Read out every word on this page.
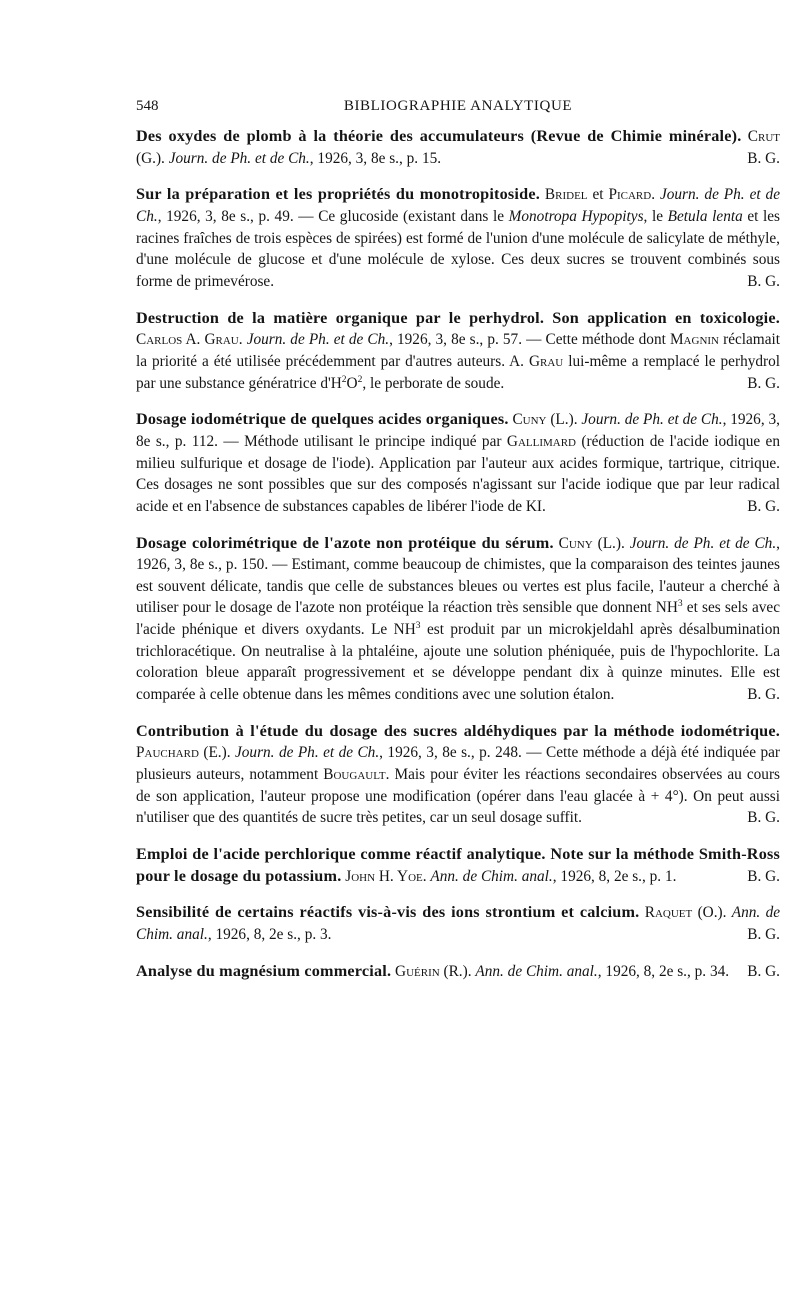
548	BIBLIOGRAPHIE ANALYTIQUE

Des oxydes de plomb à la théorie des accumulateurs (Revue de Chimie minérale). Crut (G.). Journ. de Ph. et de Ch., 1926, 3, 8e s., p. 15.	B. G.

Sur la préparation et les propriétés du monotropitoside. Bridel et Picard. Journ. de Ph. et de Ch., 1926, 3, 8e s., p. 49. — Ce glucoside (existant dans le Monotropa Hypopitys, le Betula lenta et les racines fraîches de trois espèces de spirées) est formé de l'union d'une molécule de salicylate de méthyle, d'une molécule de glucose et d'une molécule de xylose. Ces deux sucres se trouvent combinés sous forme de primevérose.	B. G.

Destruction de la matière organique par le perhydrol. Son application en toxicologie. Carlos A. Grau. Journ. de Ph. et de Ch., 1926, 3, 8e s., p. 57. — Cette méthode dont Magnin réclamait la priorité a été utilisée précédemment par d'autres auteurs. A. Grau lui-même a remplacé le perhydrol par une substance génératrice $d'H^2O^2$, le perborate de soude.	B. G.

Dosage iodométrique de quelques acides organiques. Cuny (L.). Journ. de Ph. et de Ch., 1926, 3, 8e s., p. 112. — Méthode utilisant le principe indiqué par Gallimard (réduction de l'acide iodique en milieu sulfurique et dosage de l'iode). Application par l'auteur aux acides formique, tartrique, citrique. Ces dosages ne sont possibles que sur des composés n'agissant sur l'acide iodique que par leur radical acide et en l'absence de substances capables de libérer l'iode de KI.	B. G.

Dosage colorimétrique de l'azote non protéique du sérum. Cuny (L.). Journ. de Ph. et de Ch., 1926, 3, 8e s., p. 150. — Estimant, comme beaucoup de chimistes, que la comparaison des teintes jaunes est souvent délicate, tandis que celle de substances bleues ou vertes est plus facile, l'auteur a cherché à utiliser pour le dosage de l'azote non protéique la réaction très sensible que donnent $NH^3$ et ses sels avec l'acide phénique et divers oxydants. Le $NH^3$ est produit par un microkjeldahl après désalbumination trichloracétique. On neutralise à la phtaléine, ajoute une solution phéniquée, puis de l'hypochlorite. La coloration bleue apparaît progressivement et se développe pendant dix à quinze minutes. Elle est comparée à celle obtenue dans les mêmes conditions avec une solution étalon.	B. G.

Contribution à l'étude du dosage des sucres aldéhydiques par la méthode iodométrique. Pauchard (E.). Journ. de Ph. et de Ch., 1926, 3, 8e s., p. 248. — Cette méthode a déjà été indiquée par plusieurs auteurs, notamment Bougault. Mais pour éviter les réactions secondaires observées au cours de son application, l'auteur propose une modification (opérer dans l'eau glacée à + 4°). On peut aussi n'utiliser que des quantités de sucre très petites, car un seul dosage suffit.	B. G.

Emploi de l'acide perchlorique comme réactif analytique. Note sur la méthode Smith-Ross pour le dosage du potassium. John H. Yoe. Ann. de Chim. anal., 1926, 8, 2e s., p. 1.	B. G.

Sensibilité de certains réactifs vis-à-vis des ions strontium et calcium. Raquet (O.). Ann. de Chim. anal., 1926, 8, 2e s., p. 3.	B. G.

Analyse du magnésium commercial. Guérin (R.). Ann. de Chim. anal., 1926, 8, 2e s., p. 34.	B. G.
